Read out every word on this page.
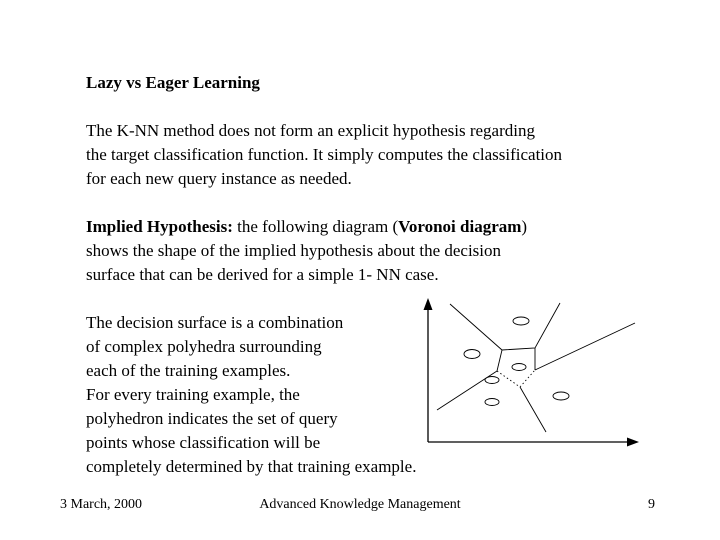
Lazy vs Eager Learning

The K-NN method does not form an explicit hypothesis regarding
the target classification function. It simply computes the classification
for each new query instance as needed.

Implied Hypothesis: the following diagram (Voronoi diagram)
shows the shape of the implied hypothesis about the decision
surface that can be derived for a simple 1- NN case.

The decision surface is a combination
of complex polyhedra surrounding
each of the training examples.
For every training example, the
polyhedron indicates the set of query
points whose classification will be
completely determined by that training example.

3 March, 2000	Advanced Knowledge Management	9
